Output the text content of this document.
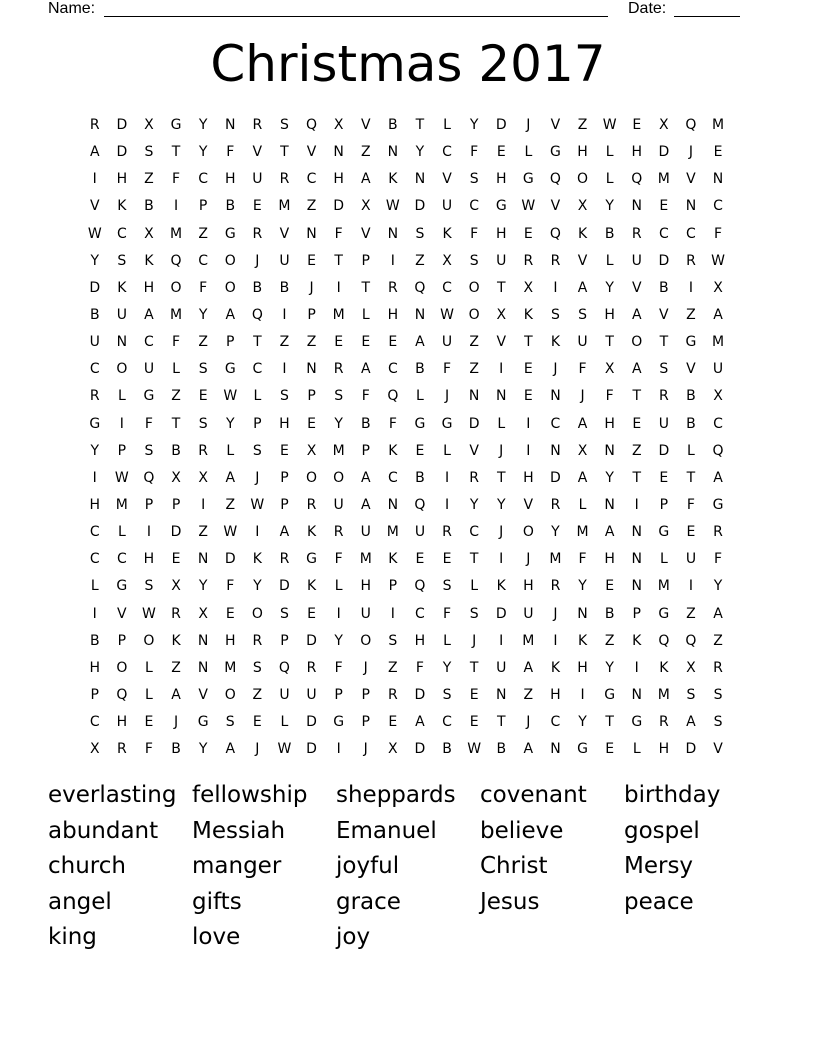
Name:	Date:
Christmas 2017
R	D	X	G	Y	N	R	S	Q	X	V	B	T	L	Y	D	J	V	Z	W	E	X	Q	M
A	D	S	T	Y	F	V	T	V	N	Z	N	Y	C	F	E	L	G	H	L	H	D	J	E
I	H	Z	F	C	H	U	R	C	H	A	K	N	V	S	H	G	Q	O	L	Q	M	V	N
V	K	B	I	P	B	E	M	Z	D	X	W	D	U	C	G	W	V	X	Y	N	E	N	C
W	C	X	M	Z	G	R	V	N	F	V	N	S	K	F	H	E	Q	K	B	R	C	C	F
Y	S	K	Q	C	O	J	U	E	T	P	I	Z	X	S	U	R	R	V	L	U	D	R	W
D	K	H	O	F	O	B	B	J	I	T	R	Q	C	O	T	X	I	A	Y	V	B	I	X
B	U	A	M	Y	A	Q	I	P	M	L	H	N	W	O	X	K	S	S	H	A	V	Z	A
U	N	C	F	Z	P	T	Z	Z	E	E	E	A	U	Z	V	T	K	U	T	O	T	G	M
C	O	U	L	S	G	C	I	N	R	A	C	B	F	Z	I	E	J	F	X	A	S	V	U
R	L	G	Z	E	W	L	S	P	S	F	Q	L	J	N	N	E	N	J	F	T	R	B	X
G	I	F	T	S	Y	P	H	E	Y	B	F	G	G	D	L	I	C	A	H	E	U	B	C
Y	P	S	B	R	L	S	E	X	M	P	K	E	L	V	J	I	N	X	N	Z	D	L	Q
I	W	Q	X	X	A	J	P	O	O	A	C	B	I	R	T	H	D	A	Y	T	E	T	A
H	M	P	P	I	Z	W	P	R	U	A	N	Q	I	Y	Y	V	R	L	N	I	P	F	G
C	L	I	D	Z	W	I	A	K	R	U	M	U	R	C	J	O	Y	M	A	N	G	E	R
C	C	H	E	N	D	K	R	G	F	M	K	E	E	T	I	J	M	F	H	N	L	U	F
L	G	S	X	Y	F	Y	D	K	L	H	P	Q	S	L	K	H	R	Y	E	N	M	I	Y
I	V	W	R	X	E	O	S	E	I	U	I	C	F	S	D	U	J	N	B	P	G	Z	A
B	P	O	K	N	H	R	P	D	Y	O	S	H	L	J	I	M	I	K	Z	K	Q	Q	Z
H	O	L	Z	N	M	S	Q	R	F	J	Z	F	Y	T	U	A	K	H	Y	I	K	X	R
P	Q	L	A	V	O	Z	U	U	P	P	R	D	S	E	N	Z	H	I	G	N	M	S	S
C	H	E	J	G	S	E	L	D	G	P	E	A	C	E	T	J	C	Y	T	G	R	A	S
X	R	F	B	Y	A	J	W	D	I	J	X	D	B	W	B	A	N	G	E	L	H	D	V
everlasting fellowship sheppards covenant birthday
abundant Messiah Emanuel believe	gospel
church	manger joyful	Christ	Mersy
angel	gifts	grace	Jesus	peace
king	love	joy
